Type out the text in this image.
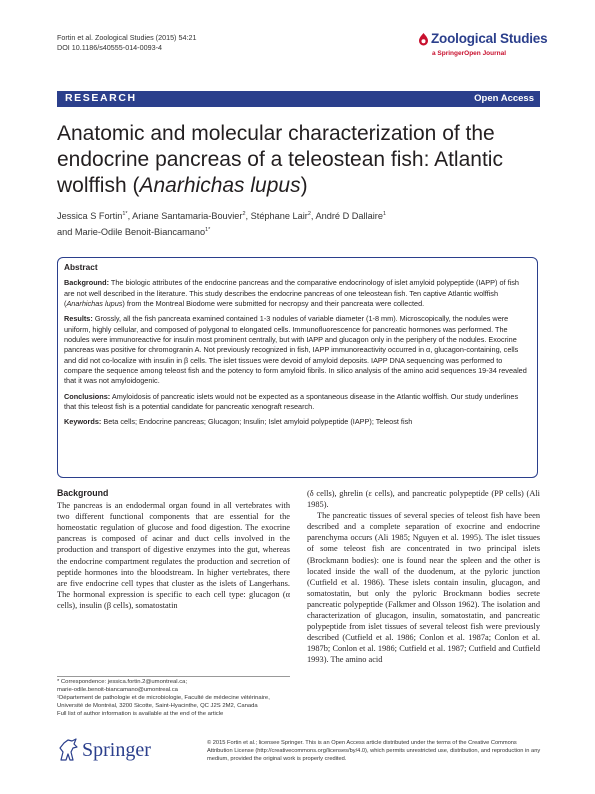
Fortin et al. Zoological Studies (2015) 54:21
DOI 10.1186/s40555-014-0093-4
Zoological Studies
a SpringerOpen Journal
RESEARCH	Open Access
Anatomic and molecular characterization of the
endocrine pancreas of a teleostean fish: Atlantic
wolffish (Anarhichas lupus)
Jessica S Fortin$^{1*}$, Ariane Santamaria-Bouvier$^2$, Stéphane Lair$^2$, André D Dallaire$^1$
and Marie-Odile Benoit-Biancamano$^{1*}$

Abstract

Background: The biologic attributes of the endocrine pancreas and the comparative endocrinology of islet amyloid polypeptide (IAPP) of fish are not well described in the literature. This study describes the endocrine pancreas of one teleostean fish. Ten captive Atlantic wolffish (Anarhichas lupus) from the Montreal Biodome were submitted for necropsy and their pancreata were collected.

Results: Grossly, all the fish pancreata examined contained 1-3 nodules of variable diameter (1-8 mm). Microscopically, the nodules were uniform, highly cellular, and composed of polygonal to elongated cells. Immunofluorescence for pancreatic hormones was performed. The nodules were immunoreactive for insulin most prominent centrally, but with IAPP and glucagon only in the periphery of the nodules. Exocrine pancreas was positive for chromogranin A. Not previously recognized in fish, IAPP immunoreactivity occurred in α, glucagon-containing, cells and did not co-localize with insulin in β cells. The islet tissues were devoid of amyloid deposits. IAPP DNA sequencing was performed to compare the sequence among teleost fish and the potency to form amyloid fibrils. In silico analysis of the amino acid sequences 19-34 revealed that it was not amyloidogenic.

Conclusions: Amyloidosis of pancreatic islets would not be expected as a spontaneous disease in the Atlantic wolffish. Our study underlines that this teleost fish is a potential candidate for pancreatic xenograft research.

Keywords: Beta cells; Endocrine pancreas; Glucagon; Insulin; Islet amyloid polypeptide (IAPP); Teleost fish

Background

The pancreas is an endodermal organ found in all vertebrates with two different functional components that are essential for the homeostatic regulation of glucose and food digestion. The exocrine pancreas is composed of acinar and duct cells involved in the production and transport of digestive enzymes into the gut, whereas the endocrine compartment regulates the production and secretion of peptide hormones into the bloodstream. In higher vertebrates, there are five endocrine cell types that cluster as the islets of Langerhans. The hormonal expression is specific to each cell type: glucagon (α cells), insulin (β cells), somatostatin

(δ cells), ghrelin (ε cells), and pancreatic polypeptide (PP cells) (Ali 1985).

The pancreatic tissues of several species of teleost fish have been described and a complete separation of exocrine and endocrine parenchyma occurs (Ali 1985; Nguyen et al. 1995). The islet tissues of some teleost fish are concentrated in two principal islets (Brockmann bodies): one is found near the spleen and the other is located inside the wall of the duodenum, at the pyloric junction (Cutfield et al. 1986). These islets contain insulin, glucagon, and somatostatin, but only the pyloric Brockmann bodies secrete pancreatic polypeptide (Falkmer and Olsson 1962). The isolation and characterization of glucagon, insulin, somatostatin, and pancreatic polypeptide from islet tissues of several teleost fish were previously described (Cutfield et al. 1986; Conlon et al. 1987a; Conlon et al. 1987b; Conlon et al. 1986; Cutfield et al. 1987; Cutfield and Cutfield 1993). The amino acid

* Correspondence: jessica.fortin.2@umontreal.ca;

marie-odile.benoit-biancamano@umontreal.ca

¹Département de pathologie et de microbiologie, Faculté de médecine vétérinaire, Université de Montréal, 3200 Sicotte, Saint-Hyacinthe, QC J2S 2M2, Canada

Full list of author information is available at the end of the article

Springer	© 2015 Fortin et al.; licensee Springer. This is an Open Access article distributed under the terms of the Creative Commons Attribution License (http://creativecommons.org/licenses/by/4.0), which permits unrestricted use, distribution, and reproduction in any medium, provided the original work is properly credited.
